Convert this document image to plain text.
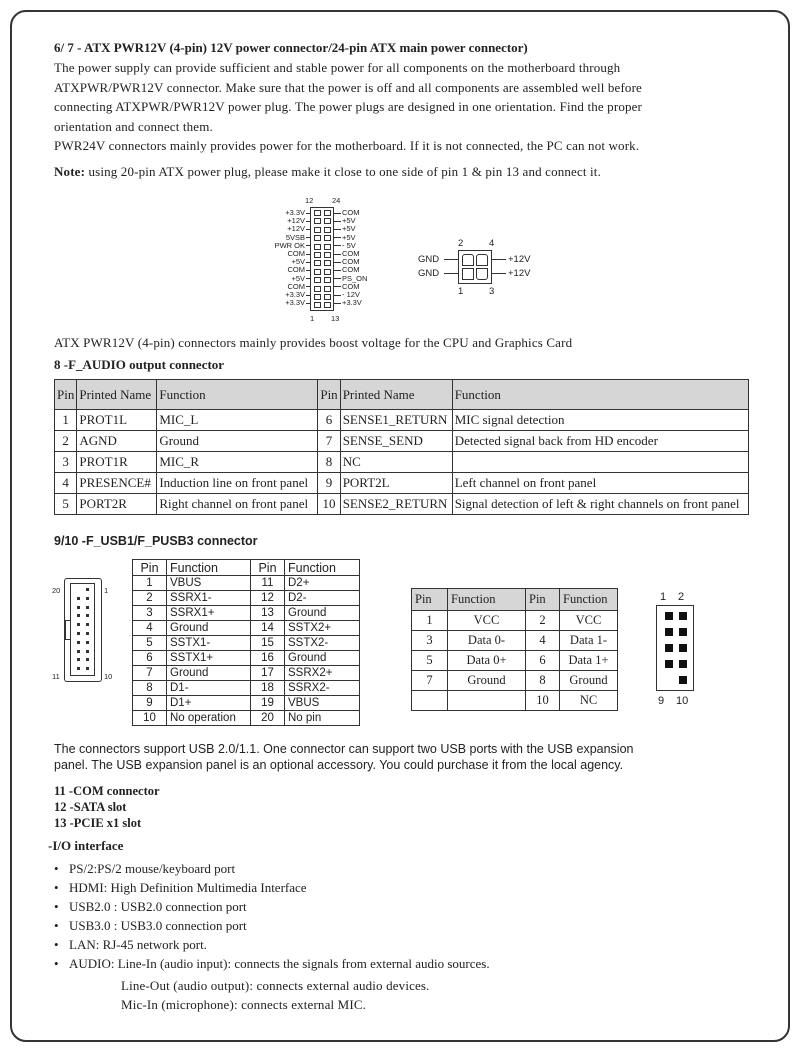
6/ 7 - ATX PWR12V (4-pin) 12V power connector/24-pin ATX main power connector)
The power supply can provide sufficient and stable power for all components on the motherboard through
ATXPWR/PWR12V connector. Make sure that the power is off and all components are assembled well before
connecting ATXPWR/PWR12V power plug. The power plugs are designed in one orientation. Find the proper
orientation and connect them.
PWR24V connectors mainly provides power for the motherboard. If it is not connected, the PC can not work.
Note: using 20-pin ATX power plug, please make it close to one side of pin 1 & pin 13 and connect it.
12 24
+3.3V
+12V
+12V
5VSB
PWR OK
COM
+5V
COM
+5V
COM
+3.3V
+3.3V
COM
+5V
+5V
+5V
- 5V
COM
COM
COM
PS_ON
COM
- 12V
+3.3V
1 13
2	4
GND
GND
+12V
+12V
1	3
ATX PWR12V (4-pin) connectors mainly provides boost voltage for the CPU and Graphics Card
8 -F_AUDIO output connector
Pin	Printed Name	Function	Pin	Printed Name	Function
1	PROT1L	MIC_L	6	SENSE1_RETURN	MIC signal detection
2	AGND	Ground	7	SENSE_SEND	Detected signal back from HD encoder
3	PROT1R	MIC_R	8	NC	
4	PRESENCE#	Induction line on front panel	9	PORT2L	Left channel on front panel
5	PORT2R	Right channel on front panel	10	SENSE2_RETURN	Signal detection of left & right channels on front panel
9/10 -F_USB1/F_PUSB3 connector
20	1
11	10
Pin	Function	Pin	Function
1	VBUS	11	D2+
2	SSRX1-	12	D2-
3	SSRX1+	13	Ground
4	Ground	14	SSTX2+
5	SSTX1-	15	SSTX2-
6	SSTX1+	16	Ground
7	Ground	17	SSRX2+
8	D1-	18	SSRX2-
9	D1+	19	VBUS
10	No operation	20	No pin
Pin	Function	Pin	Function
1	VCC	2	VCC
3	Data 0-	4	Data 1-
5	Data 0+	6	Data 1+
7	Ground	8	Ground
		10	NC
1 2
9 10
The connectors support USB 2.0/1.1. One connector can support two USB ports with the USB expansion
panel. The USB expansion panel is an optional accessory. You could purchase it from the local agency.
11 -COM connector
12 -SATA slot
13 -PCIE x1 slot
-I/O interface
• PS/2:PS/2 mouse/keyboard port
• HDMI: High Definition Multimedia Interface
• USB2.0 : USB2.0 connection port
• USB3.0 : USB3.0 connection port
• LAN: RJ-45 network port.
• AUDIO: Line-In (audio input): connects the signals from external audio sources.
Line-Out (audio output): connects external audio devices.
Mic-In (microphone): connects external MIC.
